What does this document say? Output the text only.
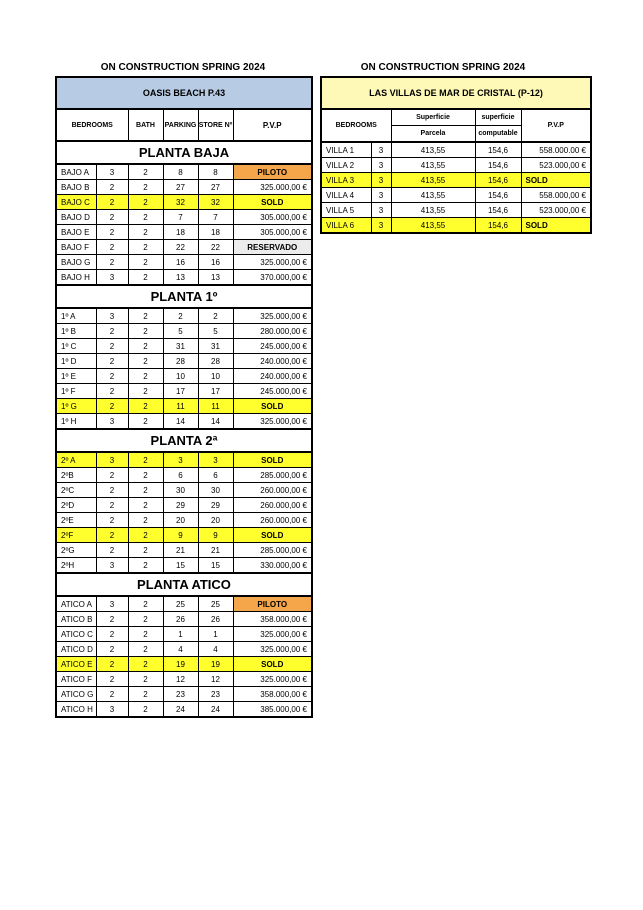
ON CONSTRUCTION SPRING 2024
OASIS BEACH P.43					
BEDROOMS		BATH	PARKING	STORE Nº	P.V.P
PLANTA BAJA					
BAJO A	3	2	8	8	PILOTO
BAJO B	2	2	27	27	325.000,00 €
BAJO C	2	2	32	32	SOLD
BAJO D	2	2	7	7	305.000,00 €
BAJO E	2	2	18	18	305.000,00 €
BAJO F	2	2	22	22	RESERVADO
BAJO G	2	2	16	16	325.000,00 €
BAJO H	3	2	13	13	370.000,00 €
PLANTA 1º					
1º A	3	2	2	2	325.000,00 €
1º B	2	2	5	5	280.000,00 €
1º C	2	2	31	31	245.000,00 €
1º D	2	2	28	28	240.000,00 €
1º E	2	2	10	10	240.000,00 €
1º F	2	2	17	17	245.000,00 €
1º G	2	2	11	11	SOLD
1º H	3	2	14	14	325.000,00 €
PLANTA 2ª					
2º A	3	2	3	3	SOLD
2ºB	2	2	6	6	285.000,00 €
2ºC	2	2	30	30	260.000,00 €
2ºD	2	2	29	29	260.000,00 €
2ºE	2	2	20	20	260.000,00 €
2ºF	2	2	9	9	SOLD
2ºG	2	2	21	21	285.000,00 €
2ºH	3	2	15	15	330.000,00 €
PLANTA ATICO					
ATICO A	3	2	25	25	PILOTO
ATICO B	2	2	26	26	358.000,00 €
ATICO C	2	2	1	1	325.000,00 €
ATICO D	2	2	4	4	325.000,00 €
ATICO E	2	2	19	19	SOLD
ATICO F	2	2	12	12	325.000,00 €
ATICO G	2	2	23	23	358.000,00 €
ATICO H	3	2	24	24	385.000,00 €
ON CONSTRUCTION SPRING 2024
LAS VILLAS DE MAR DE CRISTAL (P-12)				
BEDROOMS		Superficie	superficie	P.V.P
		Parcela	computable	
VILLA 1	3	413,55	154,6	558.000.00 €
VILLA 2	3	413,55	154,6	523.000,00 €
VILLA 3	3	413,55	154,6	SOLD
VILLA 4	3	413,55	154,6	558.000,00 €
VILLA 5	3	413,55	154,6	523.000,00 €
VILLA 6	3	413,55	154,6	SOLD
